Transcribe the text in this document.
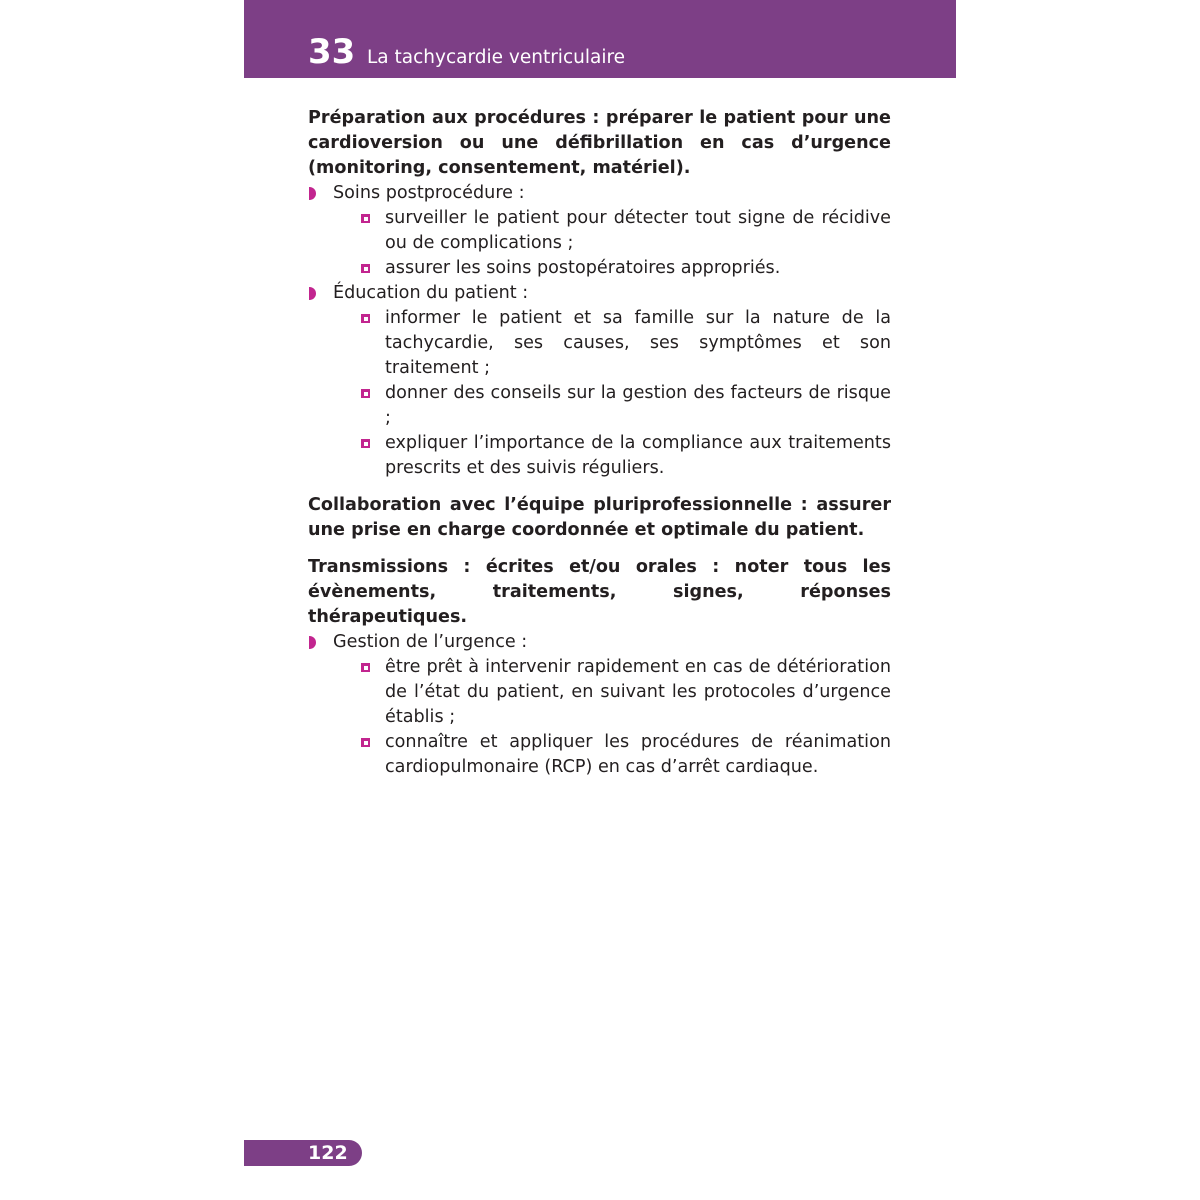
33 La tachycardie ventriculaire

Préparation aux procédures : préparer le patient pour une cardioversion ou une défibrillation en cas d’urgence (monitoring, consentement, matériel).

Soins postprocédure :
surveiller le patient pour détecter tout signe de récidive ou de complications ;
assurer les soins postopératoires appropriés.
Éducation du patient :
informer le patient et sa famille sur la nature de la tachycardie, ses causes, ses symptômes et son traitement ;
donner des conseils sur la gestion des facteurs de risque ;
expliquer l’importance de la compliance aux traitements prescrits et des suivis réguliers.

Collaboration avec l’équipe pluriprofessionnelle : assurer une prise en charge coordonnée et optimale du patient.

Transmissions : écrites et/ou orales : noter tous les évènements, traitements, signes, réponses thérapeutiques.

Gestion de l’urgence :
être prêt à intervenir rapidement en cas de détérioration de l’état du patient, en suivant les protocoles d’urgence établis ;
connaître et appliquer les procédures de réanimation cardiopulmonaire (RCP) en cas d’arrêt cardiaque.
122
